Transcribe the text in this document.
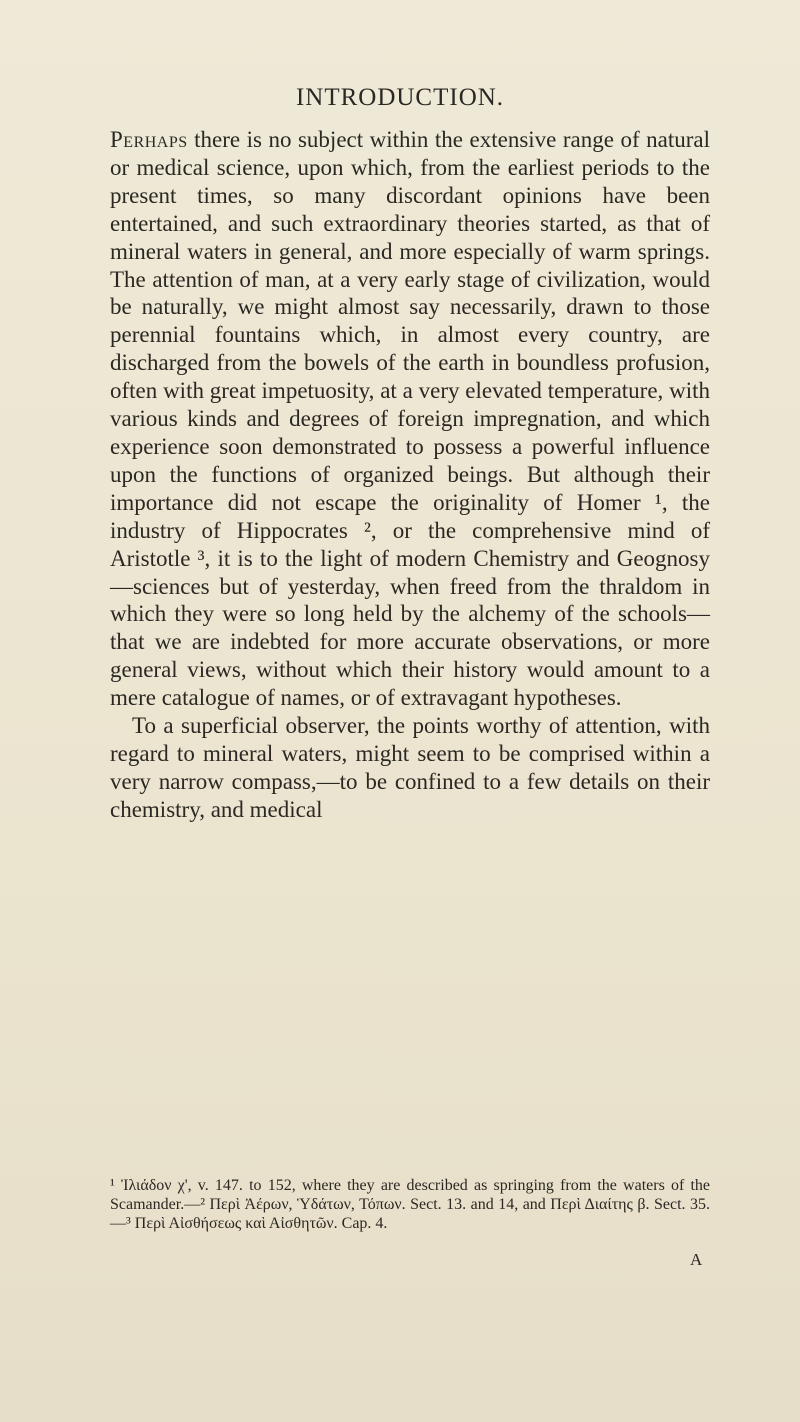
INTRODUCTION.

Perhaps there is no subject within the extensive range of natural or medical science, upon which, from the earliest periods to the present times, so many discordant opinions have been entertained, and such extraordinary theories started, as that of mineral waters in general, and more especially of warm springs. The attention of man, at a very early stage of civilization, would be naturally, we might almost say necessarily, drawn to those perennial fountains which, in almost every country, are discharged from the bowels of the earth in boundless profusion, often with great impetuosity, at a very elevated temperature, with various kinds and degrees of foreign impregnation, and which experience soon demonstrated to possess a powerful influence upon the functions of organized beings. But although their importance did not escape the originality of Homer ¹, the industry of Hippocrates ², or the comprehensive mind of Aristotle ³, it is to the light of modern Chemistry and Geognosy—sciences but of yesterday, when freed from the thraldom in which they were so long held by the alchemy of the schools—that we are indebted for more accurate observations, or more general views, without which their history would amount to a mere catalogue of names, or of extravagant hypotheses.

To a superficial observer, the points worthy of attention, with regard to mineral waters, might seem to be comprised within a very narrow compass,—to be confined to a few details on their chemistry, and medical

¹ Ἰλιάδον χ', v. 147. to 152, where they are described as springing from the waters of the Scamander.—² Περὶ Ἀέρων, Ὑδάτων, Τόπων. Sect. 13. and 14, and Περὶ Διαίτης β. Sect. 35.—³ Περὶ Αἰσθήσεως καὶ Αἰσθητῶν. Cap. 4.
A
